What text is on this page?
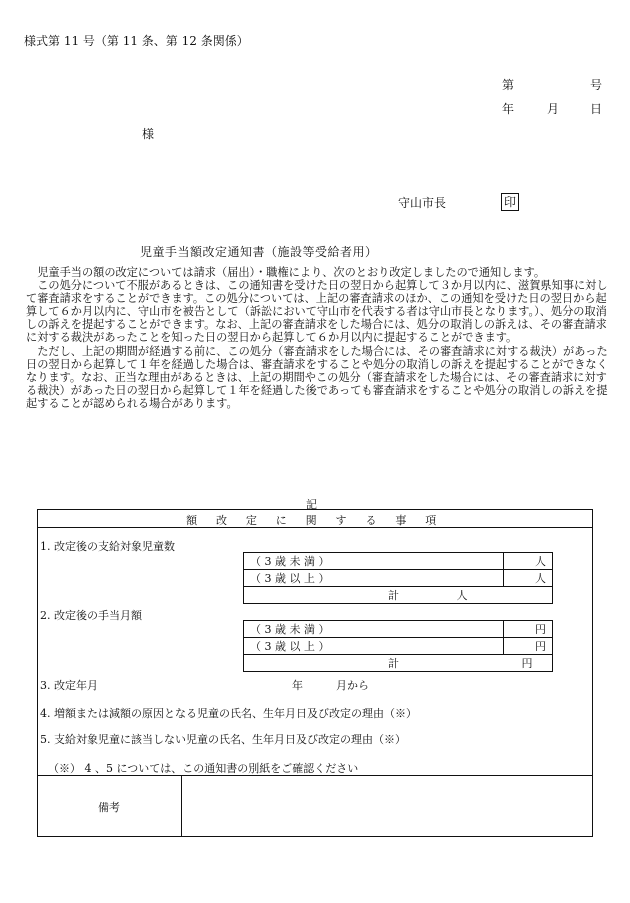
様式第 11 号（第 11 条、第 12 条関係）
第	号
年	月	日
様
守山市長	印
児童手当額改定通知書（施設等受給者用）

児童手当の額の改定については請求（届出）・職権により、次のとおり改定しましたので通知します。

この処分について不服があるときは、この通知書を受けた日の翌日から起算して３か月以内に、滋賀県知事に対して審査請求をすることができます。この処分については、上記の審査請求のほか、この通知を受けた日の翌日から起算して６か月以内に、守山市を被告として（訴訟において守山市を代表する者は守山市長となります。）、処分の取消しの訴えを提起することができます。なお、上記の審査請求をした場合には、処分の取消しの訴えは、その審査請求に対する裁決があったことを知った日の翌日から起算して６か月以内に提起することができます。

ただし、上記の期間が経過する前に、この処分（審査請求をした場合には、その審査請求に対する裁決）があった日の翌日から起算して１年を経過した場合は、審査請求をすることや処分の取消しの訴えを提起することができなくなります。なお、正当な理由があるときは、上記の期間やこの処分（審査請求をした場合には、その審査請求に対する裁決）があった日の翌日から起算して１年を経過した後であっても審査請求をすることや処分の取消しの訴えを提起することが認められる場合があります。

記
額 改 定 に 関 す る 事 項
1. 改定後の支給対象児童数
（ 3 歳 未 満 ）	人
（ 3 歳 以 上 ）	人
計 人	
2. 改定後の手当月額
（ 3 歳 未 満 ）	円
（ 3 歳 以 上 ）	円
計 円	
3. 改定年月	年	月から
4. 増額または減額の原因となる児童の氏名、生年月日及び改定の理由（※）
5. 支給対象児童に該当しない児童の氏名、生年月日及び改定の理由（※）
（※） 4 、5 については、この通知書の別紙をご確認ください
備考
